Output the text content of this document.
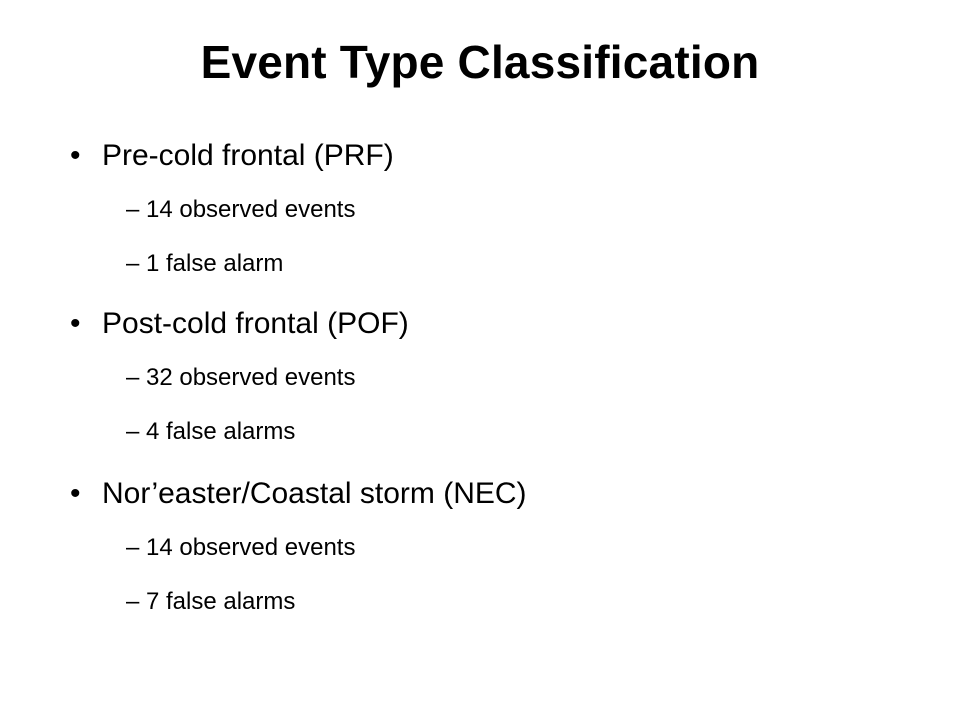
Event Type Classification
• Pre-cold frontal (PRF)
– 14 observed events
– 1 false alarm
• Post-cold frontal (POF)
– 32 observed events
– 4 false alarms
• Nor’easter/Coastal storm (NEC)
– 14 observed events
– 7 false alarms
